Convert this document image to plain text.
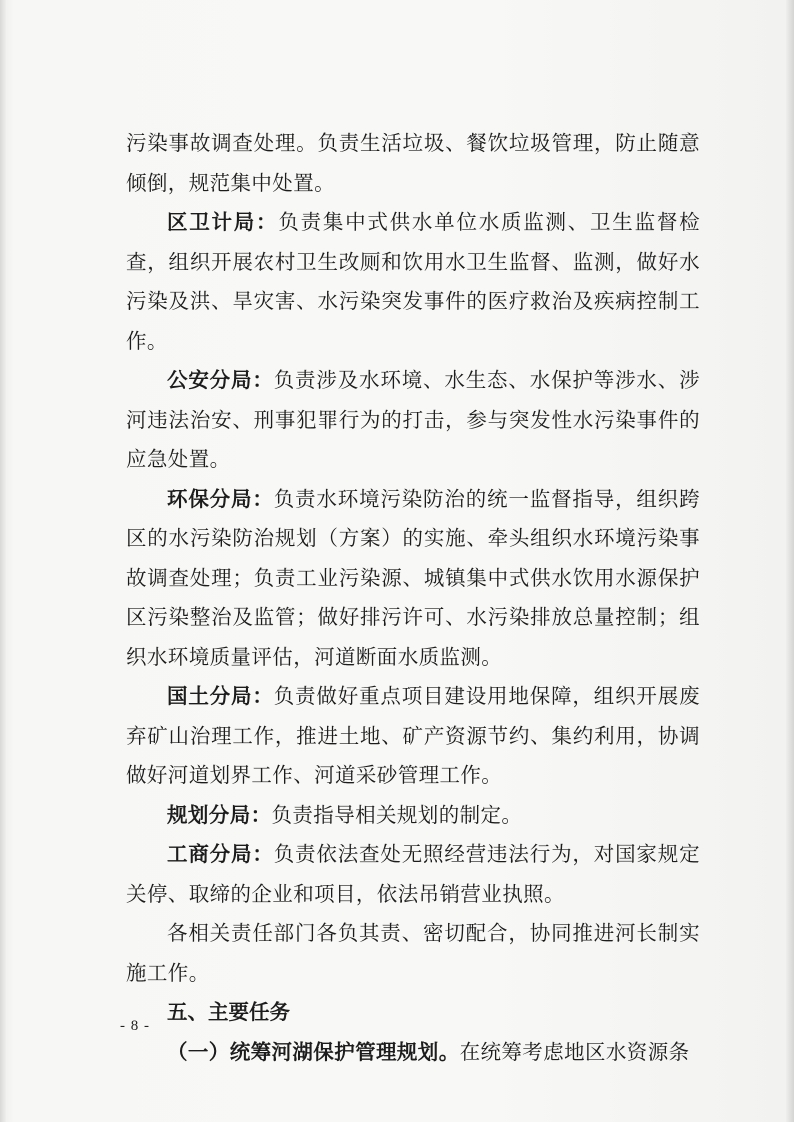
污染事故调查处理。负责生活垃圾、餐饮垃圾管理，防止随意倾倒，规范集中处置。

区卫计局：负责集中式供水单位水质监测、卫生监督检查，组织开展农村卫生改厕和饮用水卫生监督、监测，做好水污染及洪、旱灾害、水污染突发事件的医疗救治及疾病控制工作。

公安分局：负责涉及水环境、水生态、水保护等涉水、涉河违法治安、刑事犯罪行为的打击，参与突发性水污染事件的应急处置。

环保分局：负责水环境污染防治的统一监督指导，组织跨区的水污染防治规划（方案）的实施、牵头组织水环境污染事故调查处理；负责工业污染源、城镇集中式供水饮用水源保护区污染整治及监管；做好排污许可、水污染排放总量控制；组织水环境质量评估，河道断面水质监测。

国土分局：负责做好重点项目建设用地保障，组织开展废弃矿山治理工作，推进土地、矿产资源节约、集约利用，协调做好河道划界工作、河道采砂管理工作。

规划分局：负责指导相关规划的制定。

工商分局：负责依法查处无照经营违法行为，对国家规定关停、取缔的企业和项目，依法吊销营业执照。

各相关责任部门各负其责、密切配合，协同推进河长制实施工作。

五、主要任务

（一）统筹河湖保护管理规划。在统筹考虑地区水资源条

- 8 -
